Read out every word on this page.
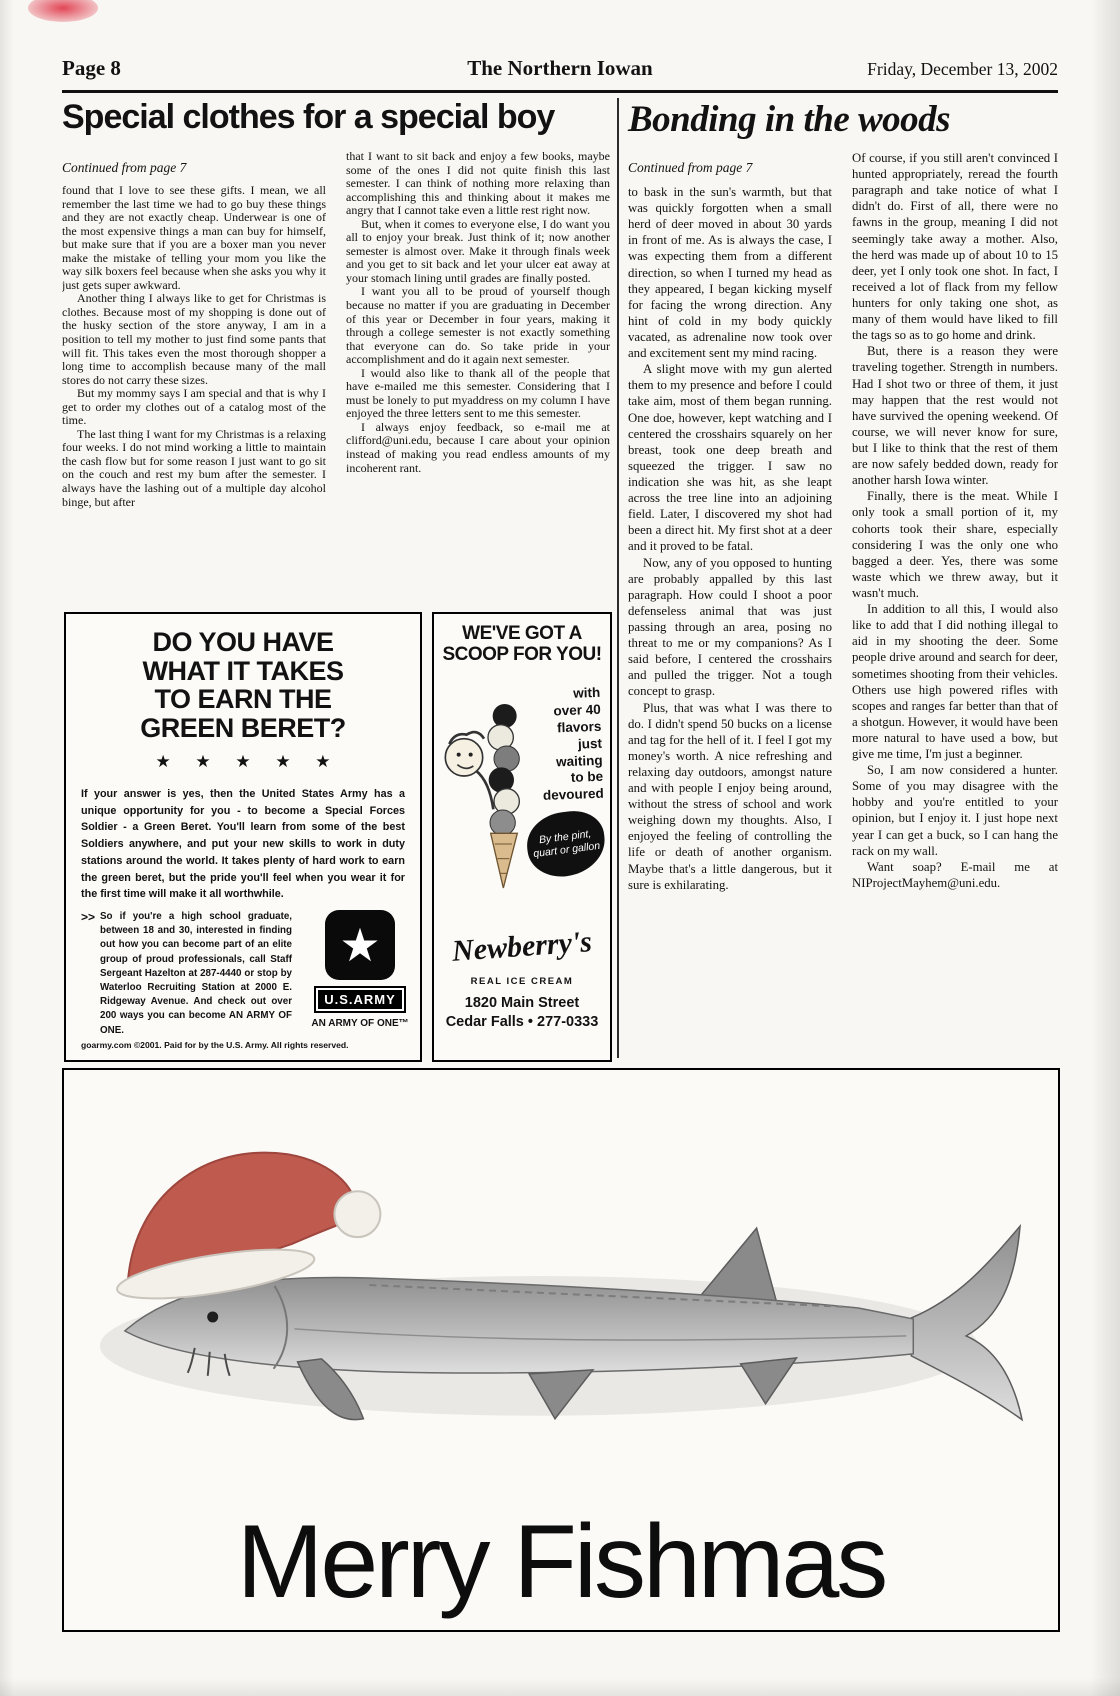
Page 8	The Northern Iowan	Friday, December 13, 2002
Special clothes for a special boy	Bonding in the woods
Continued from page 7
found that I love to see these gifts. I mean, we all remember the last time we had to go buy these things and they are not exactly cheap. Underwear is one of the most expensive things a man can buy for himself, but make sure that if you are a boxer man you never make the mistake of telling your mom you like the way silk boxers feel because when she asks you why it just gets super awkward.
Another thing I always like to get for Christmas is clothes. Because most of my shopping is done out of the husky section of the store anyway, I am in a position to tell my mother to just find some pants that will fit. This takes even the most thorough shopper a long time to accomplish because many of the mall stores do not carry these sizes.
But my mommy says I am special and that is why I get to order my clothes out of a catalog most of the time.
The last thing I want for my Christmas is a relaxing four weeks. I do not mind working a little to maintain the cash flow but for some reason I just want to go sit on the couch and rest my bum after the semester. I always have the lashing out of a multiple day alcohol binge, but after
that I want to sit back and enjoy a few books, maybe some of the ones I did not quite finish this last semester. I can think of nothing more relaxing than accomplishing this and thinking about it makes me angry that I cannot take even a little rest right now.
But, when it comes to everyone else, I do want you all to enjoy your break. Just think of it; now another semester is almost over. Make it through finals week and you get to sit back and let your ulcer eat away at your stomach lining until grades are finally posted.
I want you all to be proud of yourself though because no matter if you are graduating in December of this year or December in four years, making it through a college semester is not exactly something that everyone can do. So take pride in your accomplishment and do it again next semester.
I would also like to thank all of the people that have e-mailed me this semester. Considering that I must be lonely to put myaddress on my column I have enjoyed the three letters sent to me this semester.
I always enjoy feedback, so e-mail me at clifford@uni.edu, because I care about your opinion instead of making you read endless amounts of my incoherent rant.
Continued from page 7
to bask in the sun's warmth, but that was quickly forgotten when a small herd of deer moved in about 30 yards in front of me. As is always the case, I was expecting them from a different direction, so when I turned my head as they appeared, I began kicking myself for facing the wrong direction. Any hint of cold in my body quickly vacated, as adrenaline now took over and excitement sent my mind racing.
A slight move with my gun alerted them to my presence and before I could take aim, most of them began running. One doe, however, kept watching and I centered the crosshairs squarely on her breast, took one deep breath and squeezed the trigger. I saw no indication she was hit, as she leapt across the tree line into an adjoining field. Later, I discovered my shot had been a direct hit. My first shot at a deer and it proved to be fatal.
Now, any of you opposed to hunting are probably appalled by this last paragraph. How could I shoot a poor defenseless animal that was just passing through an area, posing no threat to me or my companions? As I said before, I centered the crosshairs and pulled the trigger. Not a tough concept to grasp.
Plus, that was what I was there to do. I didn't spend 50 bucks on a license and tag for the hell of it. I feel I got my money's worth. A nice refreshing and relaxing day outdoors, amongst nature and with people I enjoy being around, without the stress of school and work weighing down my thoughts. Also, I enjoyed the feeling of controlling the life or death of another organism. Maybe that's a little dangerous, but it sure is exhilarating.
Of course, if you still aren't convinced I hunted appropriately, reread the fourth paragraph and take notice of what I didn't do. First of all, there were no fawns in the group, meaning I did not seemingly take away a mother. Also, the herd was made up of about 10 to 15 deer, yet I only took one shot. In fact, I received a lot of flack from my fellow hunters for only taking one shot, as many of them would have liked to fill the tags so as to go home and drink.
But, there is a reason they were traveling together. Strength in numbers. Had I shot two or three of them, it just may happen that the rest would not have survived the opening weekend. Of course, we will never know for sure, but I like to think that the rest of them are now safely bedded down, ready for another harsh Iowa winter.
Finally, there is the meat. While I only took a small portion of it, my cohorts took their share, especially considering I was the only one who bagged a deer. Yes, there was some waste which we threw away, but it wasn't much.
In addition to all this, I would also like to add that I did nothing illegal to aid in my shooting the deer. Some people drive around and search for deer, sometimes shooting from their vehicles. Others use high powered rifles with scopes and ranges far better than that of a shotgun. However, it would have been more natural to have used a bow, but give me time, I'm just a beginner.
So, I am now considered a hunter. Some of you may disagree with the hobby and you're entitled to your opinion, but I enjoy it. I just hope next year I can get a buck, so I can hang the rack on my wall.
Want soap? E-mail me at NIProjectMayhem@uni.edu.
DO YOU HAVE
WHAT IT TAKES
TO EARN THE
GREEN BERET?
★ ★ ★ ★ ★
If your answer is yes, then the United States Army has a unique opportunity for you - to become a Special Forces Soldier - a Green Beret. You'll learn from some of the best Soldiers anywhere, and put your new skills to work in duty stations around the world. It takes plenty of hard work to earn the green beret, but the pride you'll feel when you wear it for the first time will make it all worthwhile.
>> So if you're a high school graduate, between 18 and 30, interested in finding out how you can become part of an elite group of proud professionals, call Staff Sergeant Hazelton at 287-4440 or stop by Waterloo Recruiting Station at 2000 E. Ridgeway Avenue. And check out over 200 ways you can become AN ARMY OF ONE.
★
U.S.ARMY
AN ARMY OF ONE™
goarmy.com ©2001. Paid for by the U.S. Army. All rights reserved.
WE'VE GOT A
SCOOP FOR YOU!
with
over 40
flavors
just
waiting
to be
devoured
By the pint, quart or gallon
Newberry's
REAL ICE CREAM
1820 Main Street
Cedar Falls • 277-0333
Merry Fishmas
